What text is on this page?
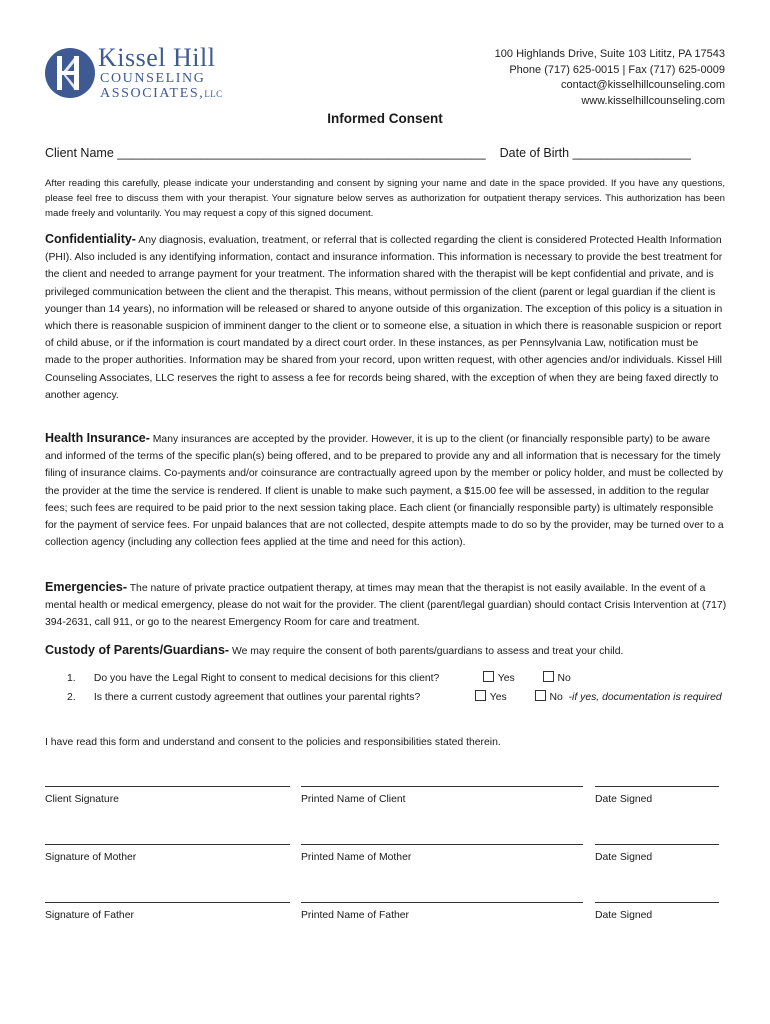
Kissel Hill
COUNSELING
ASSOCIATES,LLC
100 Highlands Drive, Suite 103 Lititz, PA 17543
Phone (717) 625-0015 | Fax (717) 625-0009
contact@kisselhillcounseling.com
www.kisselhillcounseling.com
Informed Consent
Client Name _____________________________________________________ Date of Birth _________________
After reading this carefully, please indicate your understanding and consent by signing your name and date in the space provided. If you have any questions, please feel free to discuss them with your therapist. Your signature below serves as authorization for outpatient therapy services. This authorization has been made freely and voluntarily. You may request a copy of this signed document.
Confidentiality- Any diagnosis, evaluation, treatment, or referral that is collected regarding the client is considered Protected Health Information (PHI). Also included is any identifying information, contact and insurance information. This information is necessary to provide the best treatment for the client and needed to arrange payment for your treatment. The information shared with the therapist will be kept confidential and private, and is privileged communication between the client and the therapist. This means, without permission of the client (parent or legal guardian if the client is younger than 14 years), no information will be released or shared to anyone outside of this organization. The exception of this policy is a situation in which there is reasonable suspicion of imminent danger to the client or to someone else, a situation in which there is reasonable suspicion or report of child abuse, or if the information is court mandated by a direct court order. In these instances, as per Pennsylvania Law, notification must be made to the proper authorities. Information may be shared from your record, upon written request, with other agencies and/or individuals. Kissel Hill Counseling Associates, LLC reserves the right to assess a fee for records being shared, with the exception of when they are being faxed directly to another agency.
Health Insurance- Many insurances are accepted by the provider. However, it is up to the client (or financially responsible party) to be aware and informed of the terms of the specific plan(s) being offered, and to be prepared to provide any and all information that is necessary for the timely filing of insurance claims. Co-payments and/or coinsurance are contractually agreed upon by the member or policy holder, and must be collected by the provider at the time the service is rendered. If client is unable to make such payment, a $15.00 fee will be assessed, in addition to the regular fees; such fees are required to be paid prior to the next session taking place. Each client (or financially responsible party) is ultimately responsible for the payment of service fees. For unpaid balances that are not collected, despite attempts made to do so by the provider, may be turned over to a collection agency (including any collection fees applied at the time and need for this action).
Emergencies- The nature of private practice outpatient therapy, at times may mean that the therapist is not easily available. In the event of a mental health or medical emergency, please do not wait for the provider. The client (parent/legal guardian) should contact Crisis Intervention at (717) 394-2631, call 911, or go to the nearest Emergency Room for care and treatment.
Custody of Parents/Guardians- We may require the consent of both parents/guardians to assess and treat your child.
1. Do you have the Legal Right to consent to medical decisions for this client?	Yes	No
2. Is there a current custody agreement that outlines your parental rights?	Yes	No -if yes, documentation is required
I have read this form and understand and consent to the policies and responsibilities stated therein.
Client Signature	Printed Name of Client	Date Signed
Signature of Mother	Printed Name of Mother	Date Signed
Signature of Father	Printed Name of Father	Date Signed
